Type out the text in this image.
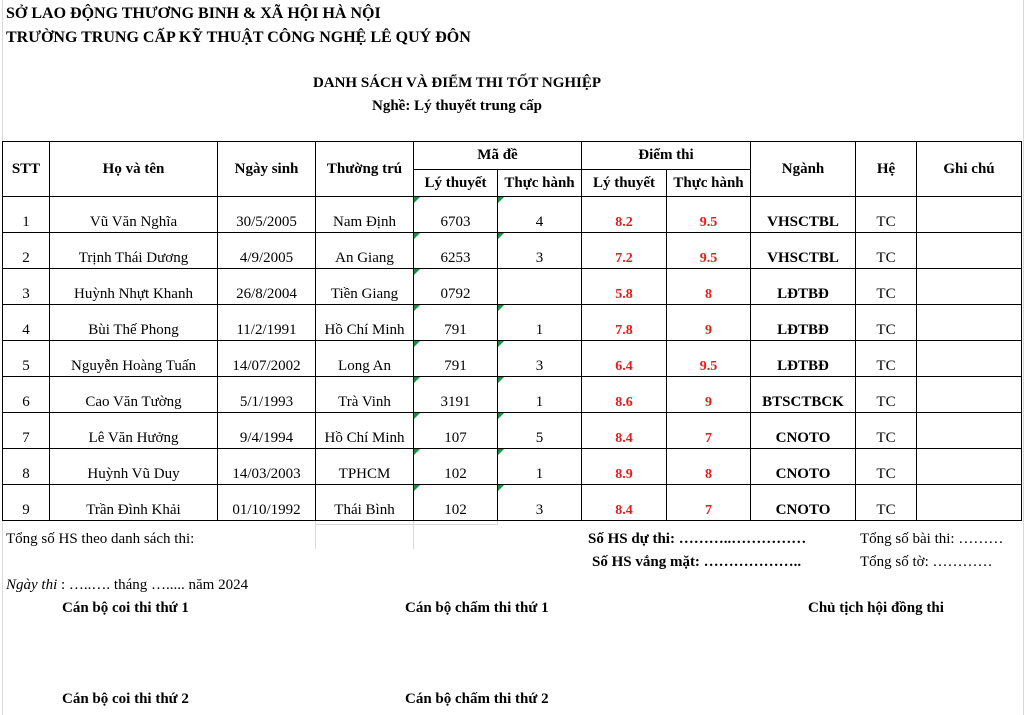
SỞ LAO ĐỘNG THƯƠNG BINH & XÃ HỘI HÀ NỘI
TRƯỜNG TRUNG CẤP KỸ THUẬT CÔNG NGHỆ LÊ QUÝ ĐÔN
DANH SÁCH VÀ ĐIỂM THI TỐT NGHIỆP
Nghề: Lý thuyết trung cấp
STT	Họ và tên	Ngày sinh	Thường trú	Mã đề		Điểm thi		Ngành	Hệ	Ghi chú
				Lý thuyết	Thực hành	Lý thuyết	Thực hành			
1	Vũ Văn Nghĩa	30/5/2005	Nam Định	6703	4	8.2	9.5	VHSCTBL	TC	
2	Trịnh Thái Dương	4/9/2005	An Giang	6253	3	7.2	9.5	VHSCTBL	TC	
3	Huỳnh Nhựt Khanh	26/8/2004	Tiền Giang	0792		5.8	8	LĐTBĐ	TC	
4	Bùi Thế Phong	11/2/1991	Hồ Chí Minh	791	1	7.8	9	LĐTBĐ	TC	
5	Nguyễn Hoàng Tuấn	14/07/2002	Long An	791	3	6.4	9.5	LĐTBĐ	TC	
6	Cao Văn Tường	5/1/1993	Trà Vinh	3191	1	8.6	9	BTSCTBCK	TC	
7	Lê Văn Hưởng	9/4/1994	Hồ Chí Minh	107	5	8.4	7	CNOTO	TC	
8	Huỳnh Vũ Duy	14/03/2003	TPHCM	102	1	8.9	8	CNOTO	TC	
9	Trần Đình Khải	01/10/1992	Thái Bình	102	3	8.4	7	CNOTO	TC	
Tổng số HS theo danh sách thi:	Số HS dự thi: ………..……………
Số HS vắng mặt: ………………..
Tổng số bài thi: ………
Tổng số tờ: …………
Ngày thi : …..…. tháng …..... năm 2024
Cán bộ coi thi thứ 1	Cán bộ chấm thi thứ 1	Chủ tịch hội đồng thi
Cán bộ coi thi thứ 2	Cán bộ chấm thi thứ 2
